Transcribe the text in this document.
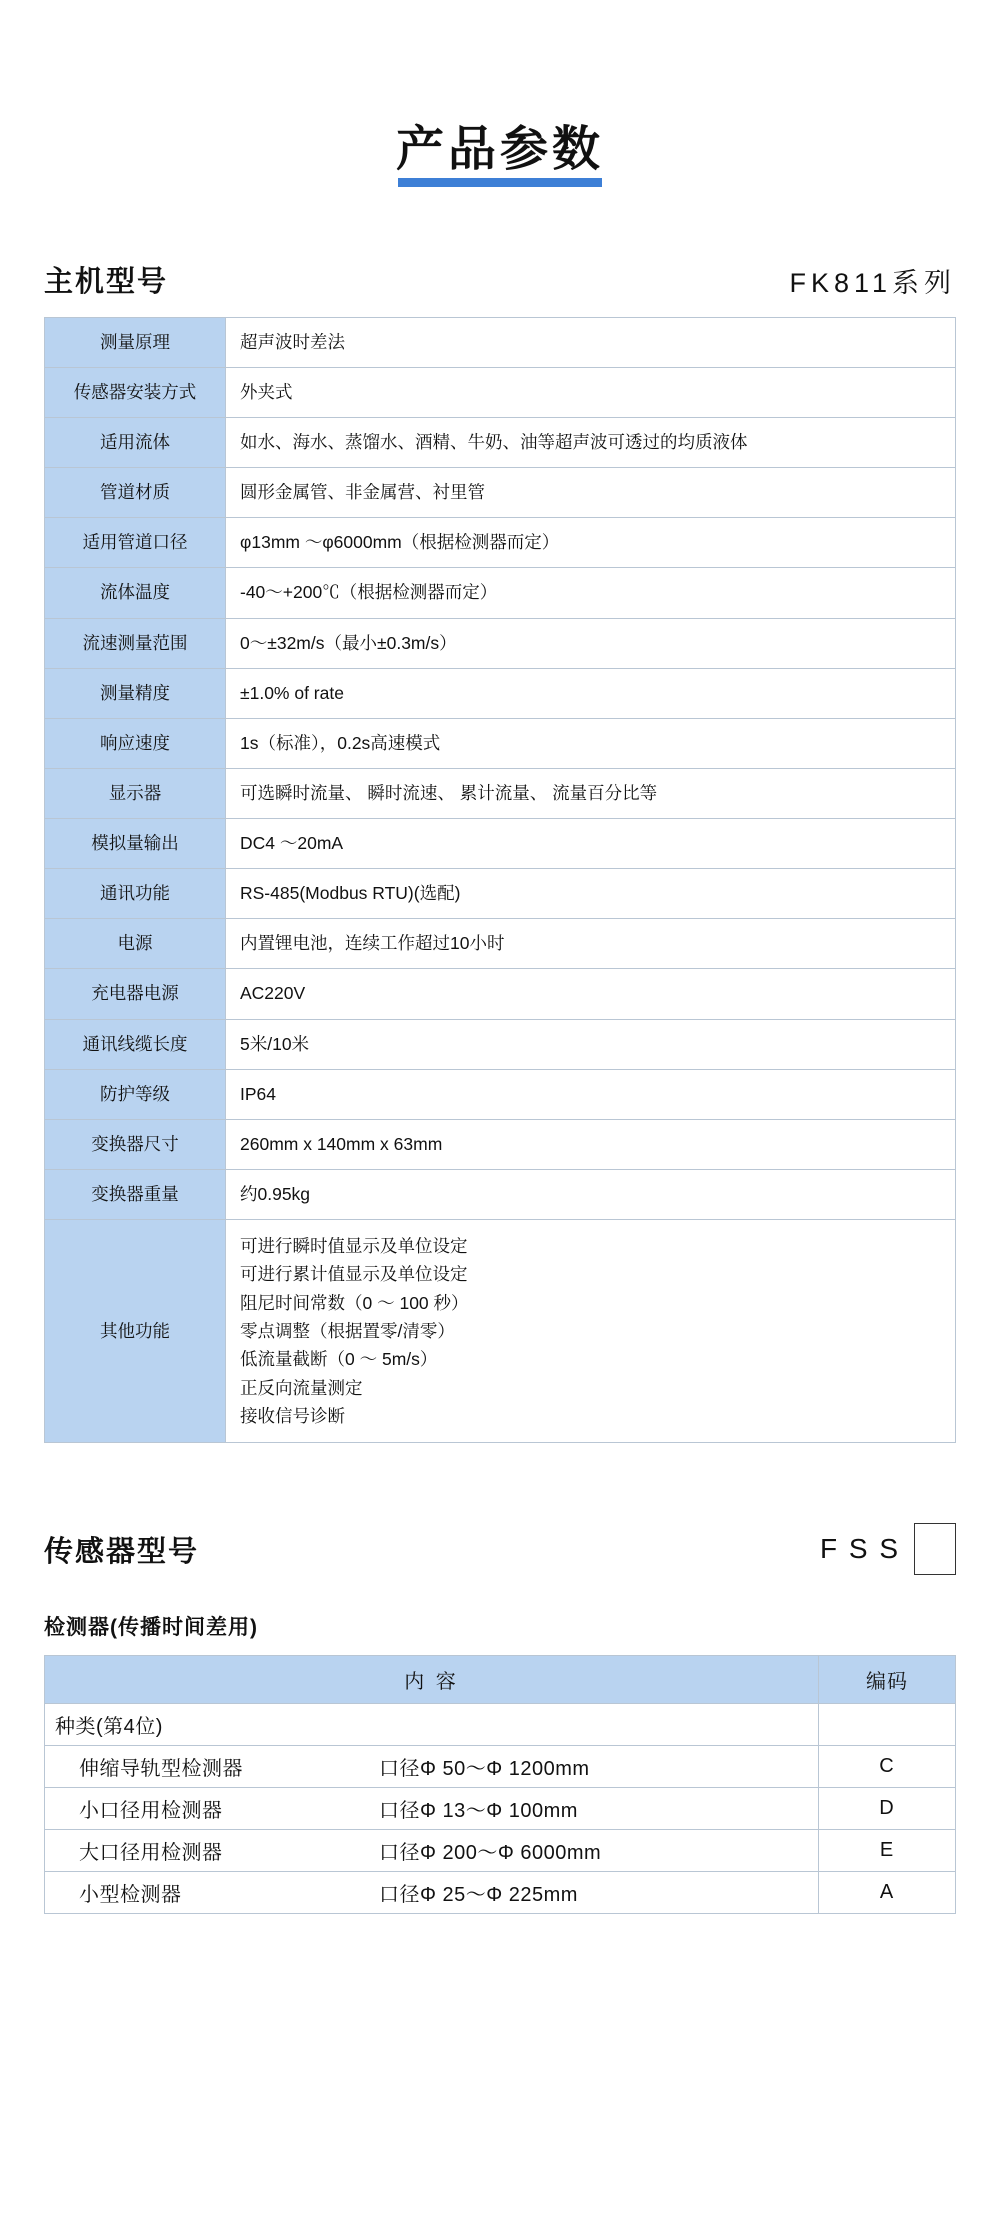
产品参数
主机型号	FK811系列
测量原理	超声波时差法
传感器安装方式	外夹式
适用流体	如水、海水、蒸馏水、酒精、牛奶、油等超声波可透过的均质液体
管道材质	圆形金属管、非金属营、衬里管
适用管道口径	φ13mm 〜φ6000mm（根据检测器而定）
流体温度	-40〜+200℃（根据检测器而定）
流速测量范围	0〜±32m/s（最小±0.3m/s）
测量精度	±1.0% of rate
响应速度	1s（标准），0.2s高速模式
显示器	可选瞬时流量、 瞬时流速、 累计流量、 流量百分比等
模拟量输出	DC4 〜20mA
通讯功能	RS-485(Modbus RTU)(选配)
电源	内置锂电池，连续工作超过10小时
充电器电源	AC220V
通讯线缆长度	5米/10米
防护等级	IP64
变换器尺寸	260mm x 140mm x 63mm
变换器重量	约0.95kg
其他功能	
可进行瞬时值显示及单位设定
可进行累计值显示及单位设定
阻尼时间常数（0 〜 100 秒）
零点调整（根据置零/清零）
低流量截断（0 〜 5m/s）
正反向流量测定
接收信号诊断
传感器型号	F S S
检测器(传播时间差用)
内 容	编码
种类(第4位)	

伸缩导轨型检测器 口径Φ 50〜Φ 1200mm	C

小口径用检测器 口径Φ 13〜Φ 100mm	D

大口径用检测器 口径Φ 200〜Φ 6000mm	E

小型检测器 口径Φ 25〜Φ 225mm	A
